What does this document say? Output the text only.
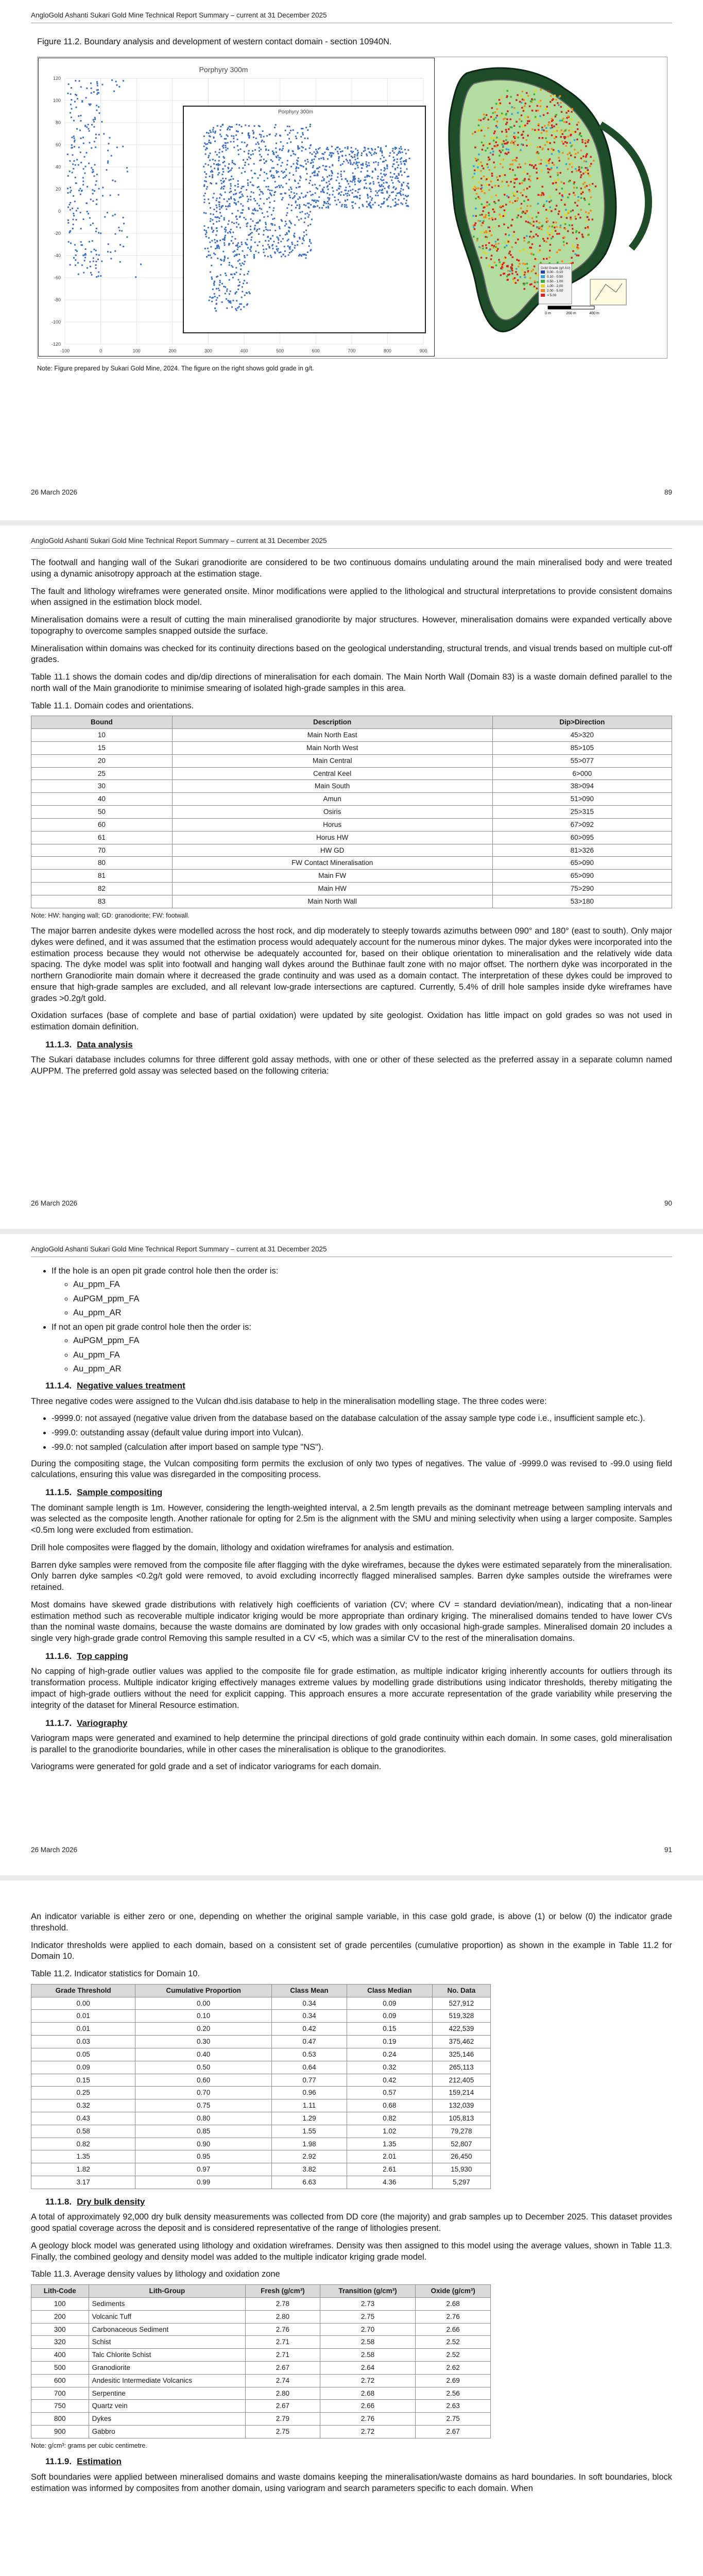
AngloGold Ashanti Sukari Gold Mine Technical Report Summary – current at 31 December 2025
Figure 11.2. Boundary analysis and development of western contact domain - section 10940N.
Porphyry 300m
120
100
80
60
40
20
0
-20
-40
-60
-80
-100
-120
-100	0	100	200	300	400	500	600	700	800	900
Porphyry 300m
Gold Grade (g/t AU)
0.00 - 0.10
0.10 - 0.50
0.50 - 1.00
1.00 - 2.00
2.00 - 5.00
> 5.00
0 m	200 m	400 m
Note: Figure prepared by Sukari Gold Mine, 2024. The figure on the right shows gold grade in g/t.
26 March 2026	89
AngloGold Ashanti Sukari Gold Mine Technical Report Summary – current at 31 December 2025

The footwall and hanging wall of the Sukari granodiorite are considered to be two continuous domains undulating around the main mineralised body and were treated using a dynamic anisotropy approach at the estimation stage.

The fault and lithology wireframes were generated onsite. Minor modifications were applied to the lithological and structural interpretations to provide consistent domains when assigned in the estimation block model.

Mineralisation domains were a result of cutting the main mineralised granodiorite by major structures. However, mineralisation domains were expanded vertically above topography to overcome samples snapped outside the surface.

Mineralisation within domains was checked for its continuity directions based on the geological understanding, structural trends, and visual trends based on multiple cut-off grades.

Table 11.1 shows the domain codes and dip/dip directions of mineralisation for each domain. The Main North Wall (Domain 83) is a waste domain defined parallel to the north wall of the Main granodiorite to minimise smearing of isolated high-grade samples in this area.

Table 11.1. Domain codes and orientations.
Bound	Description	Dip>Direction
10	Main North East	45>320
15	Main North West	85>105
20	Main Central	55>077
25	Central Keel	6>000
30	Main South	38>094
40	Amun	51>090
50	Osiris	25>315
60	Horus	67>092
61	Horus HW	60>095
70	HW GD	81>326
80	FW Contact Mineralisation	65>090
81	Main FW	65>090
82	Main HW	75>290
83	Main North Wall	53>180
Note: HW: hanging wall; GD: granodiorite; FW: footwall.

The major barren andesite dykes were modelled across the host rock, and dip moderately to steeply towards azimuths between 090° and 180° (east to south). Only major dykes were defined, and it was assumed that the estimation process would adequately account for the numerous minor dykes. The major dykes were incorporated into the estimation process because they would not otherwise be adequately accounted for, based on their oblique orientation to mineralisation and the relatively wide data spacing. The dyke model was split into footwall and hanging wall dykes around the Buthinae fault zone with no major offset. The northern dyke was incorporated in the northern Granodiorite main domain where it decreased the grade continuity and was used as a domain contact. The interpretation of these dykes could be improved to ensure that high-grade samples are excluded, and all relevant low-grade intersections are captured. Currently, 5.4% of drill hole samples inside dyke wireframes have grades >0.2g/t gold.

Oxidation surfaces (base of complete and base of partial oxidation) were updated by site geologist. Oxidation has little impact on gold grades so was not used in estimation domain definition.

11.1.3. Data analysis

The Sukari database includes columns for three different gold assay methods, with one or other of these selected as the preferred assay in a separate column named AUPPM. The preferred gold assay was selected based on the following criteria:

26 March 2026	90
AngloGold Ashanti Sukari Gold Mine Technical Report Summary – current at 31 December 2025
• If the hole is an open pit grade control hole then the order is:
◦ Au_ppm_FA
◦ AuPGM_ppm_FA
◦ Au_ppm_AR
• If not an open pit grade control hole then the order is:
◦ AuPGM_ppm_FA
◦ Au_ppm_FA
◦ Au_ppm_AR
11.1.4. Negative values treatment

Three negative codes were assigned to the Vulcan dhd.isis database to help in the mineralisation modelling stage. The three codes were:

• -9999.0: not assayed (negative value driven from the database based on the database calculation of the assay sample type code i.e., insufficient sample etc.).
• -999.0: outstanding assay (default value during import into Vulcan).
• -99.0: not sampled (calculation after import based on sample type "NS").

During the compositing stage, the Vulcan compositing form permits the exclusion of only two types of negatives. The value of -9999.0 was revised to -99.0 using field calculations, ensuring this value was disregarded in the compositing process.

11.1.5. Sample compositing

The dominant sample length is 1m. However, considering the length-weighted interval, a 2.5m length prevails as the dominant metreage between sampling intervals and was selected as the composite length. Another rationale for opting for 2.5m is the alignment with the SMU and mining selectivity when using a larger composite. Samples <0.5m long were excluded from estimation.

Drill hole composites were flagged by the domain, lithology and oxidation wireframes for analysis and estimation.

Barren dyke samples were removed from the composite file after flagging with the dyke wireframes, because the dykes were estimated separately from the mineralisation. Only barren dyke samples <0.2g/t gold were removed, to avoid excluding incorrectly flagged mineralised samples. Barren dyke samples outside the wireframes were retained.

Most domains have skewed grade distributions with relatively high coefficients of variation (CV; where CV = standard deviation/mean), indicating that a non-linear estimation method such as recoverable multiple indicator kriging would be more appropriate than ordinary kriging. The mineralised domains tended to have lower CVs than the nominal waste domains, because the waste domains are dominated by low grades with only occasional high-grade samples. Mineralised domain 20 includes a single very high-grade grade control Removing this sample resulted in a CV <5, which was a similar CV to the rest of the mineralisation domains.

11.1.6. Top capping

No capping of high-grade outlier values was applied to the composite file for grade estimation, as multiple indicator kriging inherently accounts for outliers through its transformation process. Multiple indicator kriging effectively manages extreme values by modelling grade distributions using indicator thresholds, thereby mitigating the impact of high-grade outliers without the need for explicit capping. This approach ensures a more accurate representation of the grade variability while preserving the integrity of the dataset for Mineral Resource estimation.

11.1.7. Variography

Variogram maps were generated and examined to help determine the principal directions of gold grade continuity within each domain. In some cases, gold mineralisation is parallel to the granodiorite boundaries, while in other cases the mineralisation is oblique to the granodiorites.

Variograms were generated for gold grade and a set of indicator variograms for each domain.

26 March 2026	91

An indicator variable is either zero or one, depending on whether the original sample variable, in this case gold grade, is above (1) or below (0) the indicator grade threshold.

Indicator thresholds were applied to each domain, based on a consistent set of grade percentiles (cumulative proportion) as shown in the example in Table 11.2 for Domain 10.

Table 11.2. Indicator statistics for Domain 10.
Grade Threshold	Cumulative Proportion	Class Mean	Class Median	No. Data
0.00	0.00	0.34	0.09	527,912
0.01	0.10	0.34	0.09	519,328
0.01	0.20	0.42	0.15	422,539
0.03	0.30	0.47	0.19	375,462
0.05	0.40	0.53	0.24	325,146
0.09	0.50	0.64	0.32	265,113
0.15	0.60	0.77	0.42	212,405
0.25	0.70	0.96	0.57	159,214
0.32	0.75	1.11	0.68	132,039
0.43	0.80	1.29	0.82	105,813
0.58	0.85	1.55	1.02	79,278
0.82	0.90	1.98	1.35	52,807
1.35	0.95	2.92	2.01	26,450
1.82	0.97	3.82	2.61	15,930
3.17	0.99	6.63	4.36	5,297
11.1.8. Dry bulk density

A total of approximately 92,000 dry bulk density measurements was collected from DD core (the majority) and grab samples up to December 2025. This dataset provides good spatial coverage across the deposit and is considered representative of the range of lithologies present.

A geology block model was generated using lithology and oxidation wireframes. Density was then assigned to this model using the average values, shown in Table 11.3. Finally, the combined geology and density model was added to the multiple indicator kriging grade model.

Table 11.3. Average density values by lithology and oxidation zone
Lith-Code	Lith-Group	Fresh (g/cm³)	Transition (g/cm³)	Oxide (g/cm³)
100	Sediments	2.78	2.73	2.68
200	Volcanic Tuff	2.80	2.75	2.76
300	Carbonaceous Sediment	2.76	2.70	2.66
320	Schist	2.71	2.58	2.52
400	Talc Chlorite Schist	2.71	2.58	2.52
500	Granodiorite	2.67	2.64	2.62
600	Andesitic Intermediate Volcanics	2.74	2.72	2.69
700	Serpentine	2.80	2.68	2.56
750	Quartz vein	2.67	2.66	2.63
800	Dykes	2.79	2.76	2.75
900	Gabbro	2.75	2.72	2.67
Note: g/cm³: grams per cubic centimetre.
11.1.9. Estimation

Soft boundaries were applied between mineralised domains and waste domains keeping the mineralisation/waste domains as hard boundaries. In soft boundaries, block estimation was informed by composites from another domain, using variogram and search parameters specific to each domain. When
